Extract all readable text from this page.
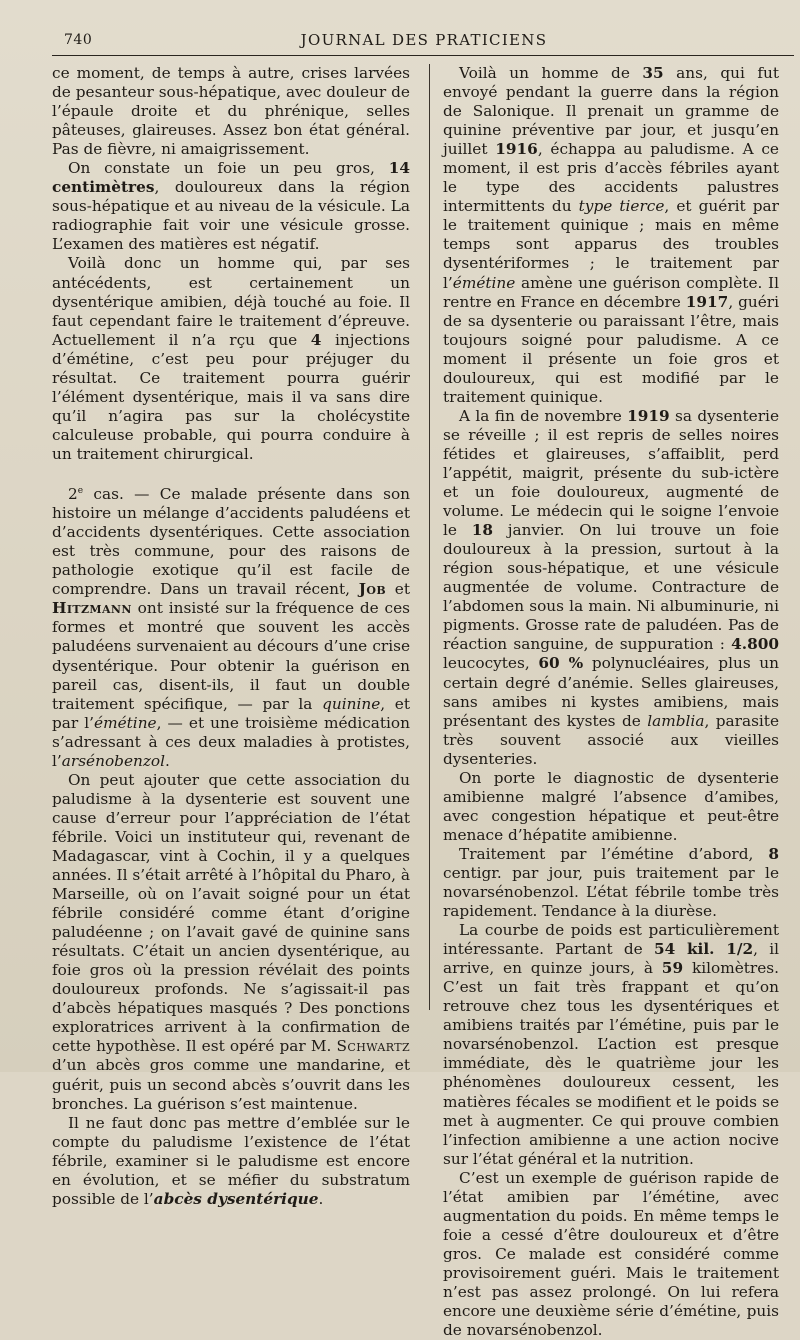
740	JOURNAL DES PRATICIENS

ce moment, de temps à autre, crises larvées de pesanteur sous-hépatique, avec douleur de l’épaule droite et du phrénique, selles pâteuses, glaireuses. Assez bon état général. Pas de fièvre, ni amaigrissement.

On constate un foie un peu gros, 14 centimètres, douloureux dans la région sous-hépatique et au niveau de la vésicule. La radiographie fait voir une vésicule grosse. L’examen des matières est négatif.

Voilà donc un homme qui, par ses antécédents, est certainement un dysentérique amibien, déjà touché au foie. Il faut cependant faire le traitement d’épreuve. Actuellement il n’a rçu que 4 injections d’émétine, c’est peu pour préjuger du résultat. Ce traitement pourra guérir l’élément dysentérique, mais il va sans dire qu’il n’agira pas sur la cholécystite calculeuse probable, qui pourra conduire à un traitement chirurgical.

2e cas. — Ce malade présente dans son histoire un mélange d’accidents paludéens et d’accidents dysentériques. Cette association est très commune, pour des raisons de pathologie exotique qu’il est facile de comprendre. Dans un travail récent, Job et Hitzmann ont insisté sur la fréquence de ces formes et montré que souvent les accès paludéens survenaient au décours d’une crise dysentérique. Pour obtenir la guérison en pareil cas, disent-ils, il faut un double traitement spécifique, — par la quinine, et par l’émétine, — et une troisième médication s’adressant à ces deux maladies à protistes, l’arsénobenzol.

On peut ajouter que cette association du paludisme à la dysenterie est souvent une cause d’erreur pour l’appréciation de l’état fébrile. Voici un instituteur qui, revenant de Madagascar, vint à Cochin, il y a quelques années. Il s’était arrêté à l’hôpital du Pharo, à Marseille, où on l’avait soigné pour un état fébrile considéré comme étant d’origine paludéenne ; on l’avait gavé de quinine sans résultats. C’était un ancien dysentérique, au foie gros où la pression révélait des points douloureux profonds. Ne s’agissait-il pas d’abcès hépatiques masqués ? Des ponctions exploratrices arrivent à la confirmation de cette hypothèse. Il est opéré par M. Schwartz d’un abcès gros comme une mandarine, et guérit, puis un second abcès s’ouvrit dans les bronches. La guérison s’est maintenue.

Il ne faut donc pas mettre d’emblée sur le compte du paludisme l’existence de l’état fébrile, examiner si le paludisme est encore en évolution, et se méfier du substratum possible de l’abcès dysentérique.

Voilà un homme de 35 ans, qui fut envoyé pendant la guerre dans la région de Salonique. Il prenait un gramme de quinine préventive par jour, et jusqu’en juillet 1916, échappa au paludisme. A ce moment, il est pris d’accès fébriles ayant le type des accidents palustres intermittents du type tierce, et guérit par le traitement quinique ; mais en même temps sont apparus des troubles dysentériformes ; le traitement par l’émétine amène une guérison complète. Il rentre en France en décembre 1917, guéri de sa dysenterie ou paraissant l’être, mais toujours soigné pour paludisme. A ce moment il présente un foie gros et douloureux, qui est modifié par le traitement quinique.

A la fin de novembre 1919 sa dysenterie se réveille ; il est repris de selles noires fétides et glaireuses, s’affaiblit, perd l’appétit, maigrit, présente du sub-ictère et un foie douloureux, augmenté de volume. Le médecin qui le soigne l’envoie le 18 janvier. On lui trouve un foie douloureux à la pression, surtout à la région sous-hépatique, et une vésicule augmentée de volume. Contracture de l’abdomen sous la main. Ni albuminurie, ni pigments. Grosse rate de paludéen. Pas de réaction sanguine, de suppuration : 4.800 leucocytes, 60 % polynucléaires, plus un certain degré d’anémie. Selles glaireuses, sans amibes ni kystes amibiens, mais présentant des kystes de lamblia, parasite très souvent associé aux vieilles dysenteries.

On porte le diagnostic de dysenterie amibienne malgré l’absence d’amibes, avec congestion hépatique et peut-être menace d’hépatite amibienne.

Traitement par l’émétine d’abord, 8 centigr. par jour, puis traitement par le novarsénobenzol. L’état fébrile tombe très rapidement. Tendance à la diurèse.

La courbe de poids est particulièrement intéressante. Partant de 54 kil. 1/2, il arrive, en quinze jours, à 59 kilomètres. C’est un fait très frappant et qu’on retrouve chez tous les dysentériques et amibiens traités par l’émétine, puis par le novarsénobenzol. L’action est presque immédiate, dès le quatrième jour les phénomènes douloureux cessent, les matières fécales se modifient et le poids se met à augmenter. Ce qui prouve combien l’infection amibienne a une action nocive sur l’état général et la nutrition.

C’est un exemple de guérison rapide de l’état amibien par l’émétine, avec augmentation du poids. En même temps le foie a cessé d’être douloureux et d’être gros. Ce malade est considéré comme provisoirement guéri. Mais le traitement n’est pas assez prolongé. On lui refera encore une deuxième série d’émétine, puis de novarsénobenzol.
